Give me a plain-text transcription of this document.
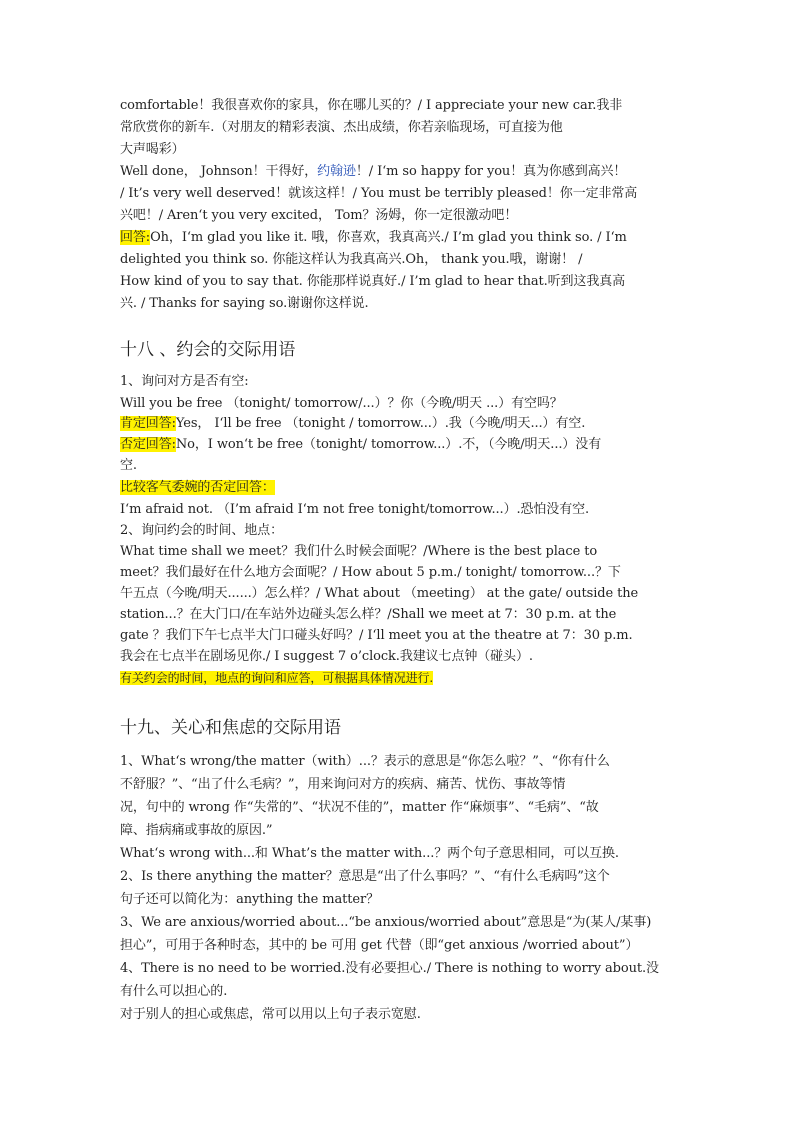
comfortable！我很喜欢你的家具，你在哪儿买的？/ I appreciate your new car.我非
常欣赏你的新车.（对朋友的精彩表演、杰出成绩，你若亲临现场，可直接为他
大声喝彩）
Well done， Johnson！干得好，约翰逊！/ I‘m so happy for you！真为你感到高兴！
/ It’s very well deserved！就该这样！/ You must be terribly pleased！你一定非常高
兴吧！/ Aren‘t you very excited， Tom？汤姆，你一定很激动吧！
回答:Oh，I‘m glad you like it. 哦，你喜欢，我真高兴./ I’m glad you think so. / I‘m
delighted you think so. 你能这样认为我真高兴.Oh， thank you.哦，谢谢！ /
How kind of you to say that. 你能那样说真好./ I’m glad to hear that.听到这我真高
兴. / Thanks for saying so.谢谢你这样说.
十八 、约会的交际用语
1、询问对方是否有空:
Will you be free （tonight/ tomorrow/...）？你（今晚/明天 ...）有空吗？
肯定回答:Yes， I‘ll be free （tonight / tomorrow...）.我（今晚/明天...）有空.
否定回答:No，I won‘t be free（tonight/ tomorrow...）.不，（今晚/明天...）没有
空.
比较客气委婉的否定回答：
I‘m afraid not. （I’m afraid I‘m not free tonight/tomorrow...）.恐怕没有空.
2、询问约会的时间、地点：
What time shall we meet？我们什么时候会面呢？/Where is the best place to
meet？我们最好在什么地方会面呢？/ How about 5 p.m./ tonight/ tomorrow...？下
午五点（今晚/明天......）怎么样？/ What about （meeting） at the gate/ outside the
station...？在大门口/在车站外边碰头怎么样？/Shall we meet at 7：30 p.m. at the
gate ？我们下午七点半大门口碰头好吗？/ I‘ll meet you at the theatre at 7：30 p.m.
我会在七点半在剧场见你./ I suggest 7 o’clock.我建议七点钟（碰头）.
有关约会的时间，地点的询问和应答，可根据具体情况进行.
十九、关心和焦虑的交际用语
1、What‘s wrong/the matter（with）...？表示的意思是“你怎么啦？”、“你有什么
不舒服？”、“出了什么毛病？”，用来询问对方的疾病、痛苦、忧伤、事故等情
况，句中的 wrong 作“失常的”、“状况不佳的”，matter 作“麻烦事”、“毛病”、“故
障、指病痛或事故的原因.”
What‘s wrong with...和 What’s the matter with...？两个句子意思相同，可以互换.
2、Is there anything the matter？意思是“出了什么事吗？”、“有什么毛病吗”这个
句子还可以简化为：anything the matter？
3、We are anxious/worried about...“be anxious/worried about”意思是“为(某人/某事)
担心”，可用于各种时态，其中的 be 可用 get 代替（即“get anxious /worried about”）
4、There is no need to be worried.没有必要担心./ There is nothing to worry about.没
有什么可以担心的.
对于别人的担心或焦虑，常可以用以上句子表示宽慰.
